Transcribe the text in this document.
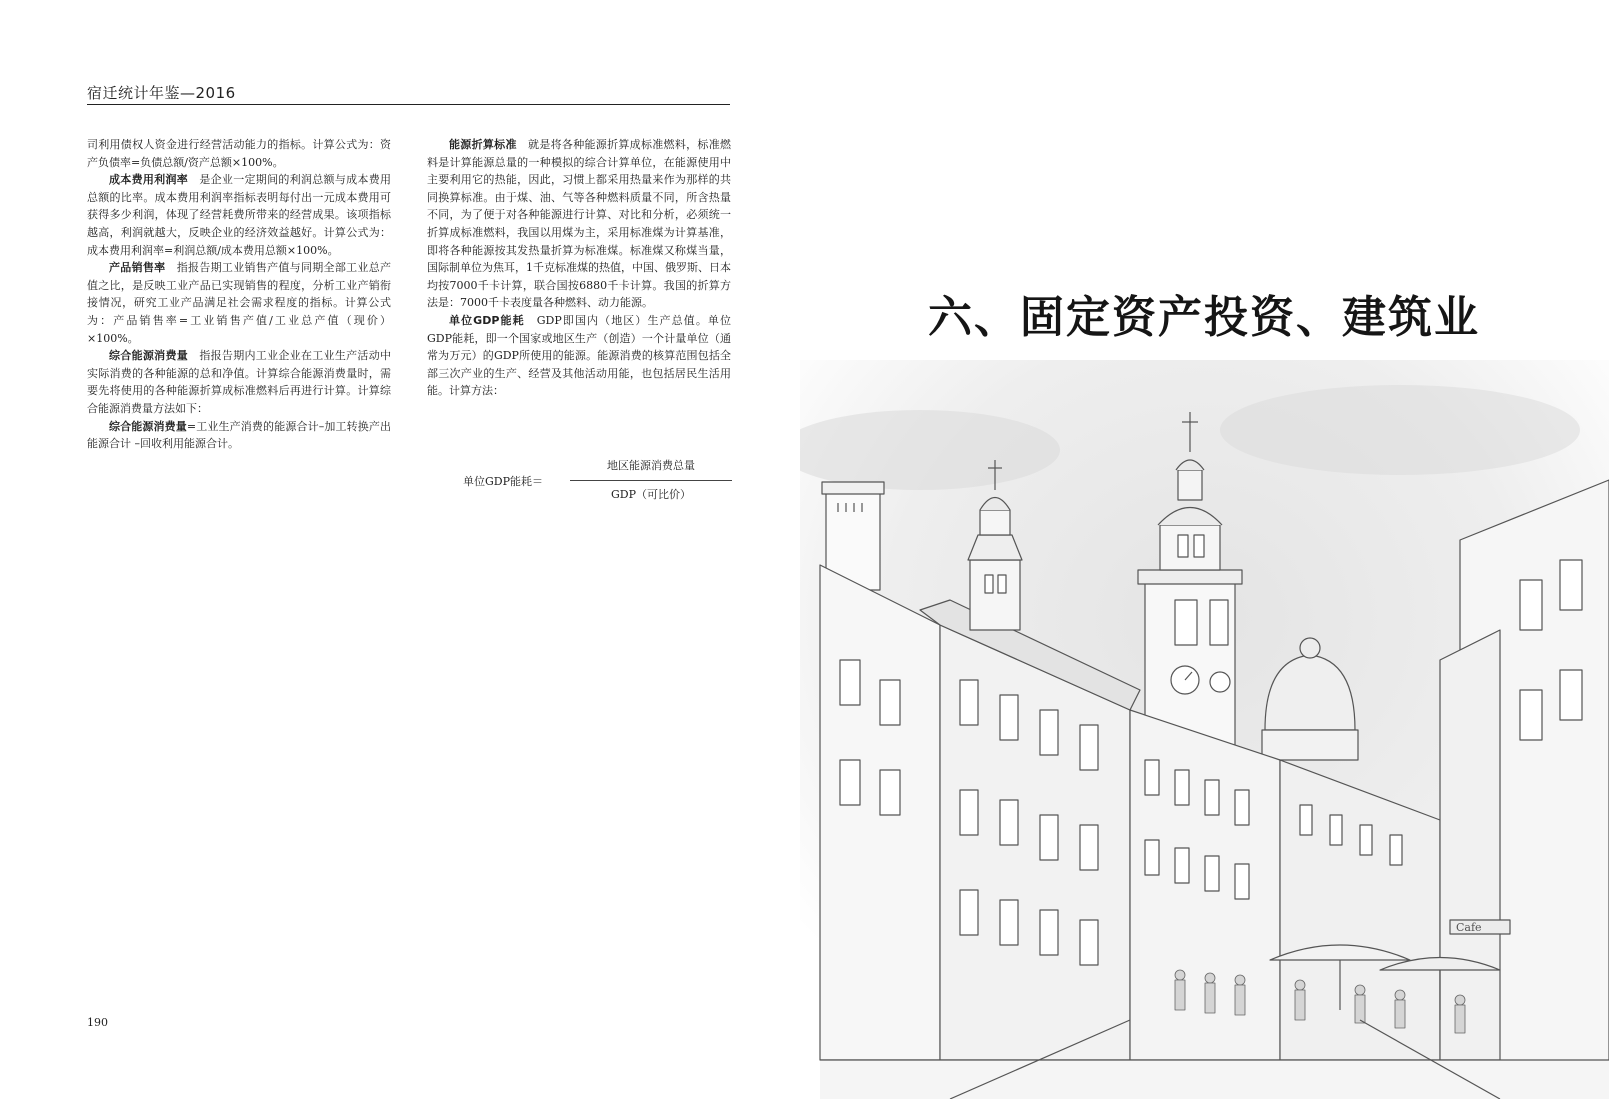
宿迁统计年鉴—2016

司利用债权人资金进行经营活动能力的指标。计算公式为：资产负债率=负债总额/资产总额×100%。

成本费用利润率　 是企业一定期间的利润总额与成本费用总额的比率。成本费用利润率指标表明每付出一元成本费用可获得多少利润，体现了经营耗费所带来的经营成果。该项指标越高，利润就越大，反映企业的经济效益越好。计算公式为：成本费用利润率=利润总额/成本费用总额×100%。

产品销售率　 指报告期工业销售产值与同期全部工业总产值之比，是反映工业产品已实现销售的程度，分析工业产销衔接情况，研究工业产品满足社会需求程度的指标。计算公式为：产品销售率=工业销售产值/工业总产值（现价）×100%。

综合能源消费量　 指报告期内工业企业在工业生产活动中实际消费的各种能源的总和净值。计算综合能源消费量时，需要先将使用的各种能源折算成标准燃料后再进行计算。计算综合能源消费量方法如下：

综合能源消费量=工业生产消费的能源合计–加工转换产出能源合计 –回收利用能源合计。

能源折算标准　 就是将各种能源折算成标准燃料，标准燃料是计算能源总量的一种模拟的综合计算单位，在能源使用中主要利用它的热能，因此，习惯上都采用热量来作为那样的共同换算标准。由于煤、油、气等各种燃料质量不同，所含热量不同，为了便于对各种能源进行计算、对比和分析，必须统一折算成标准燃料，我国以用煤为主，采用标准煤为计算基准，即将各种能源按其发热量折算为标准煤。标准煤又称煤当量，国际制单位为焦耳，1千克标准煤的热值，中国、俄罗斯、日本均按7000千卡计算，联合国按6880千卡计算。我国的折算方法是：7000千卡表度量各种燃料、动力能源。

单位GDP能耗　 GDP即国内（地区）生产总值。单位GDP能耗，即一个国家或地区生产（创造）一个计量单位（通常为万元）的GDP所使用的能源。能源消费的核算范围包括全部三次产业的生产、经营及其他活动用能，也包括居民生活用能。计算方法：

单位GDP能耗＝
地区能源消费总量
GDP（可比价）
190
六、固定资产投资、建筑业
Cafe
